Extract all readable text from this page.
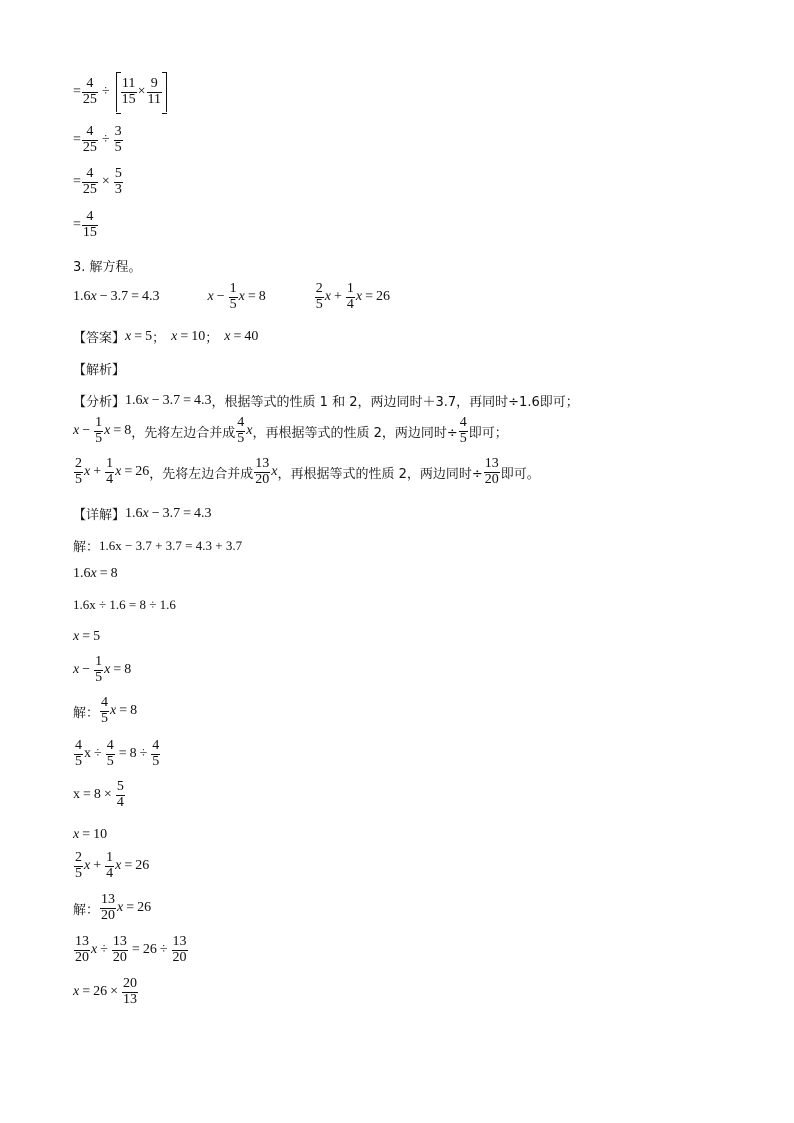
= $\frac{4}{25} \div \frac{11}{15} \times \frac{9}{11}$
= $\frac{4}{25} \div \frac{3}{5}$
= $\frac{4}{25} \times \frac{5}{3}$
= $\frac{4}{15}$
3. 解方程。
1.6 x − 3.7 = 4.3	$x - \frac{1}{5}$ x = 8	$\frac{2}{5}$ $x + \frac{1}{4}$ x = 26
【答案】 x = 5 ； x = 10 ； x = 40
【解析】
【分析】 1.6 x − 3.7 = 4.3 ，根据等式的性质 1 和 2，两边同时＋3.7，再同时÷1.6即可；
$x - \frac{1}{5}$ x = 8 ，先将左边合并成 $\frac{4}{5}$ x ，再根据等式的性质 2，两边同时÷ $\frac{4}{5}$ 即可；
$\frac{2}{5}$ $x + \frac{1}{4}$ x = 26 ，先将左边合并成 $\frac{13}{20}$ x ，再根据等式的性质 2，两边同时÷ $\frac{13}{20}$ 即可。
【详解】 1.6 x − 3.7 = 4.3
解： 1.6x − 3.7 + 3.7 = 4.3 + 3.7
1.6 x = 8
1.6x ÷ 1.6 = 8 ÷ 1.6
x = 5
$x - \frac{1}{5}$ x = 8
解： $\frac{4}{5}$ x = 8
$\frac{4}{5}$ $x \div \frac{4}{5} = 8 \div \frac{4}{5}$
$x = 8 \times \frac{5}{4}$
x = 10
$\frac{2}{5}$ $x + \frac{1}{4}$ x = 26
解： $\frac{13}{20}$ x = 26
$\frac{13}{20}$ $x \div \frac{13}{20} = 26 \div \frac{13}{20}$
$x = 26 \times \frac{20}{13}$
